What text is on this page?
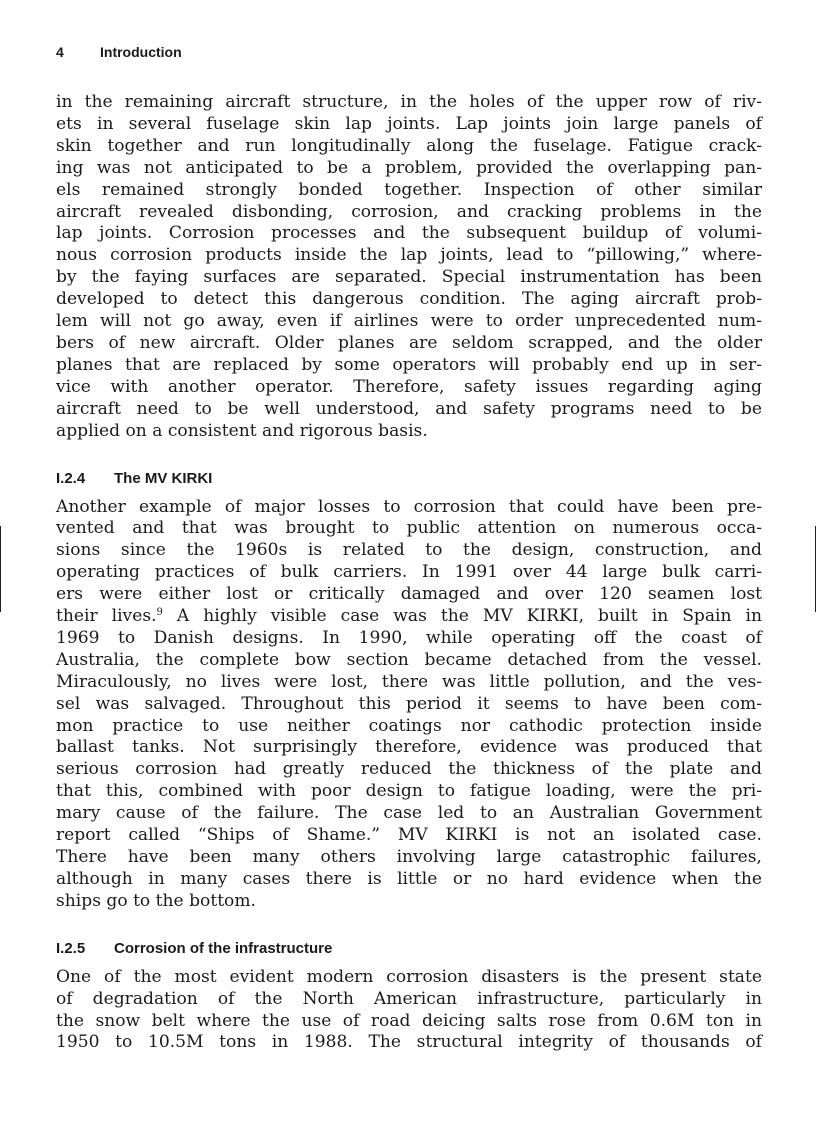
4	Introduction
in the remaining aircraft structure, in the holes of the upper row of riv-
ets in several fuselage skin lap joints. Lap joints join large panels of
skin together and run longitudinally along the fuselage. Fatigue crack-
ing was not anticipated to be a problem, provided the overlapping pan-
els remained strongly bonded together. Inspection of other similar
aircraft revealed disbonding, corrosion, and cracking problems in the
lap joints. Corrosion processes and the subsequent buildup of volumi-
nous corrosion products inside the lap joints, lead to “pillowing,” where-
by the faying surfaces are separated. Special instrumentation has been
developed to detect this dangerous condition. The aging aircraft prob-
lem will not go away, even if airlines were to order unprecedented num-
bers of new aircraft. Older planes are seldom scrapped, and the older
planes that are replaced by some operators will probably end up in ser-
vice with another operator. Therefore, safety issues regarding aging
aircraft need to be well understood, and safety programs need to be
applied on a consistent and rigorous basis.
I.2.4 The MV KIRKI
Another example of major losses to corrosion that could have been pre-
vented and that was brought to public attention on numerous occa-
sions since the 1960s is related to the design, construction, and
operating practices of bulk carriers. In 1991 over 44 large bulk carri-
ers were either lost or critically damaged and over 120 seamen lost
their lives.$^9$ A highly visible case was the MV KIRKI, built in Spain in
1969 to Danish designs. In 1990, while operating off the coast of
Australia, the complete bow section became detached from the vessel.
Miraculously, no lives were lost, there was little pollution, and the ves-
sel was salvaged. Throughout this period it seems to have been com-
mon practice to use neither coatings nor cathodic protection inside
ballast tanks. Not surprisingly therefore, evidence was produced that
serious corrosion had greatly reduced the thickness of the plate and
that this, combined with poor design to fatigue loading, were the pri-
mary cause of the failure. The case led to an Australian Government
report called “Ships of Shame.” MV KIRKI is not an isolated case.
There have been many others involving large catastrophic failures,
although in many cases there is little or no hard evidence when the
ships go to the bottom.
I.2.5 Corrosion of the infrastructure
One of the most evident modern corrosion disasters is the present state
of degradation of the North American infrastructure, particularly in
the snow belt where the use of road deicing salts rose from 0.6M ton in
1950 to 10.5M tons in 1988. The structural integrity of thousands of
